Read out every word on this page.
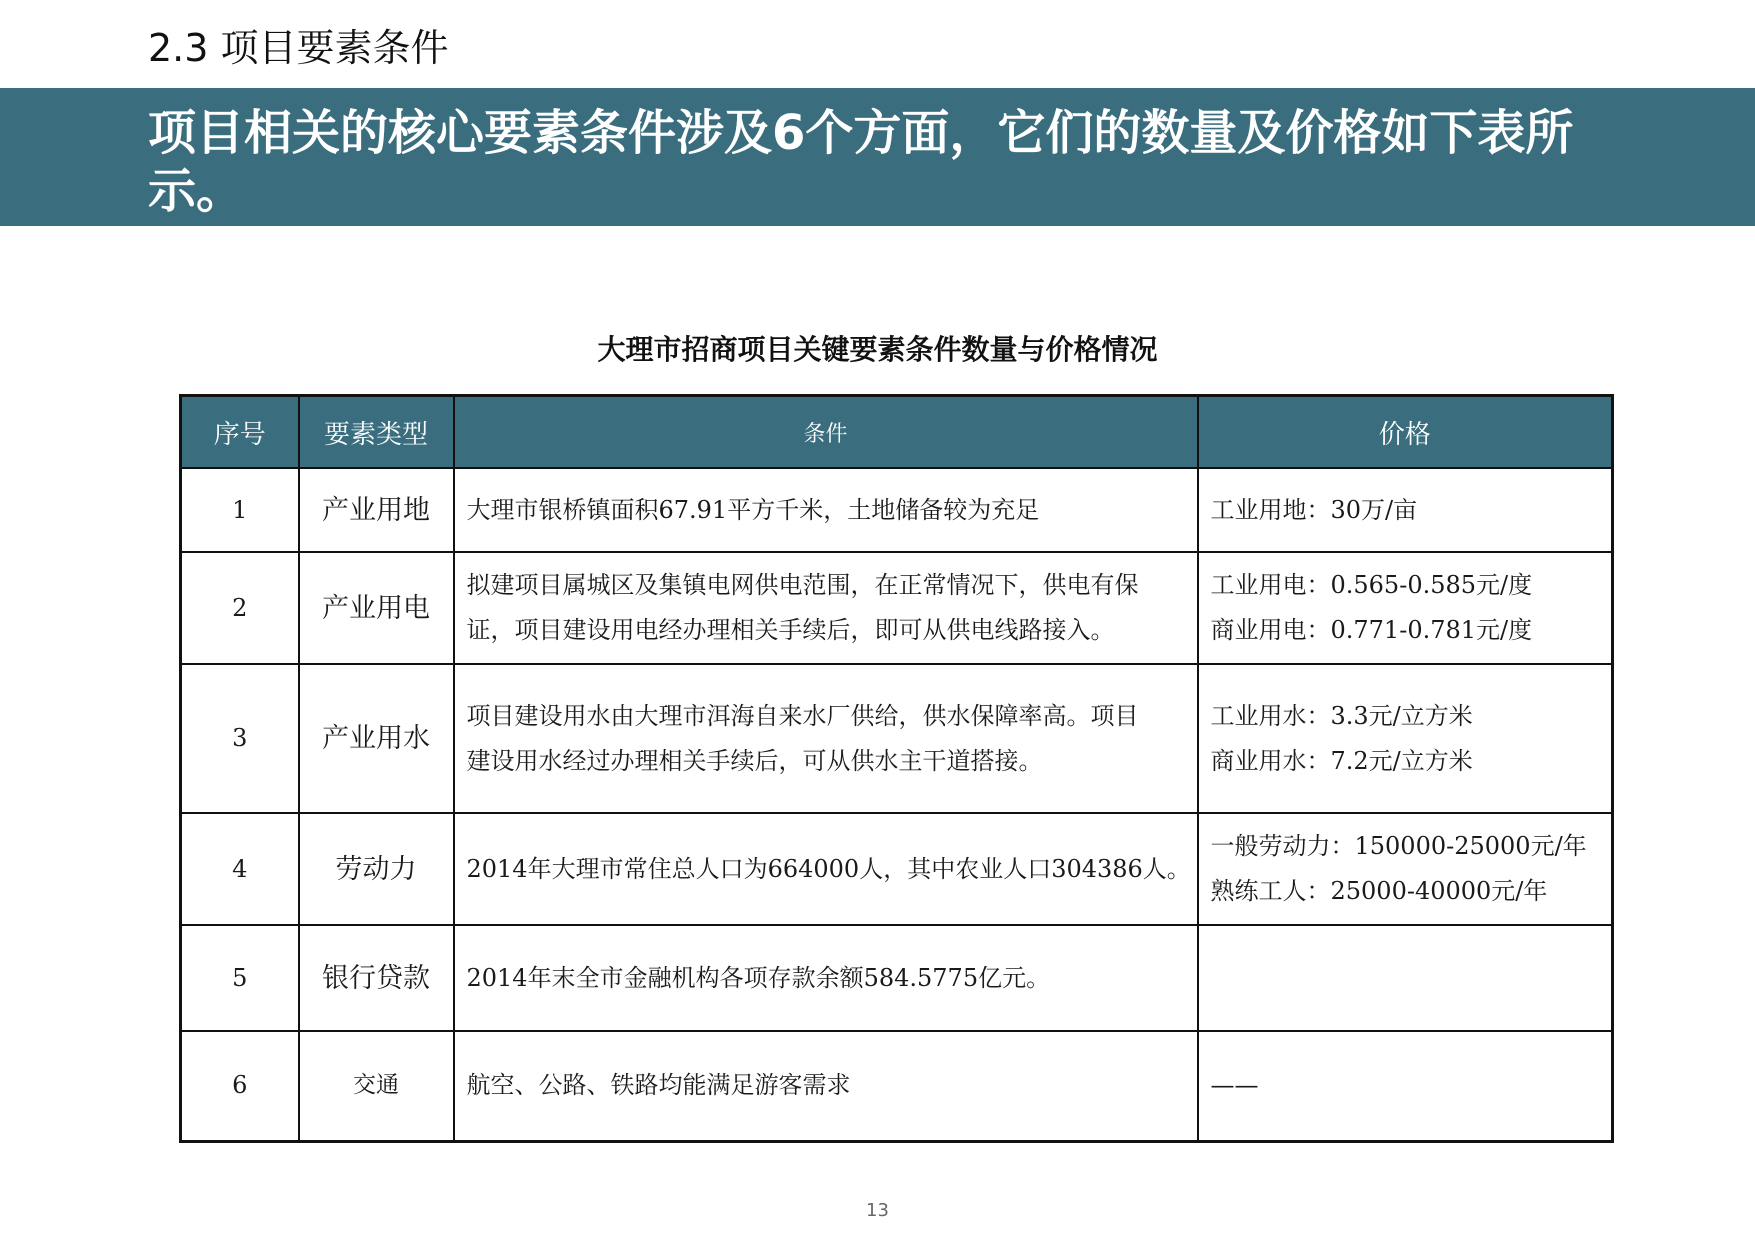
2.3 项目要素条件
项目相关的核心要素条件涉及6个方面，它们的数量及价格如下表所示。
大理市招商项目关键要素条件数量与价格情况
序号	要素类型	条件	价格
1	产业用地	大理市银桥镇面积67.91平方千米，土地储备较为充足	工业用地：30万/亩

2	产业用电	拟建项目属城区及集镇电网供电范围，在正常情况下，供电有保
证，项目建设用电经办理相关手续后，即可从供电线路接入。	工业用电：0.565-0.585元/度
商业用电：0.771-0.781元/度

3	产业用水	项目建设用水由大理市洱海自来水厂供给，供水保障率高。项目
建设用水经过办理相关手续后，可从供水主干道搭接。	工业用水：3.3元/立方米
商业用水：7.2元/立方米

4	劳动力	2014年大理市常住总人口为664000人，其中农业人口304386人。	一般劳动力：150000-25000元/年
熟练工人：25000-40000元/年

5	银行贷款	2014年末全市金融机构各项存款余额584.5775亿元。	

6	交通	航空、公路、铁路均能满足游客需求	——
13
